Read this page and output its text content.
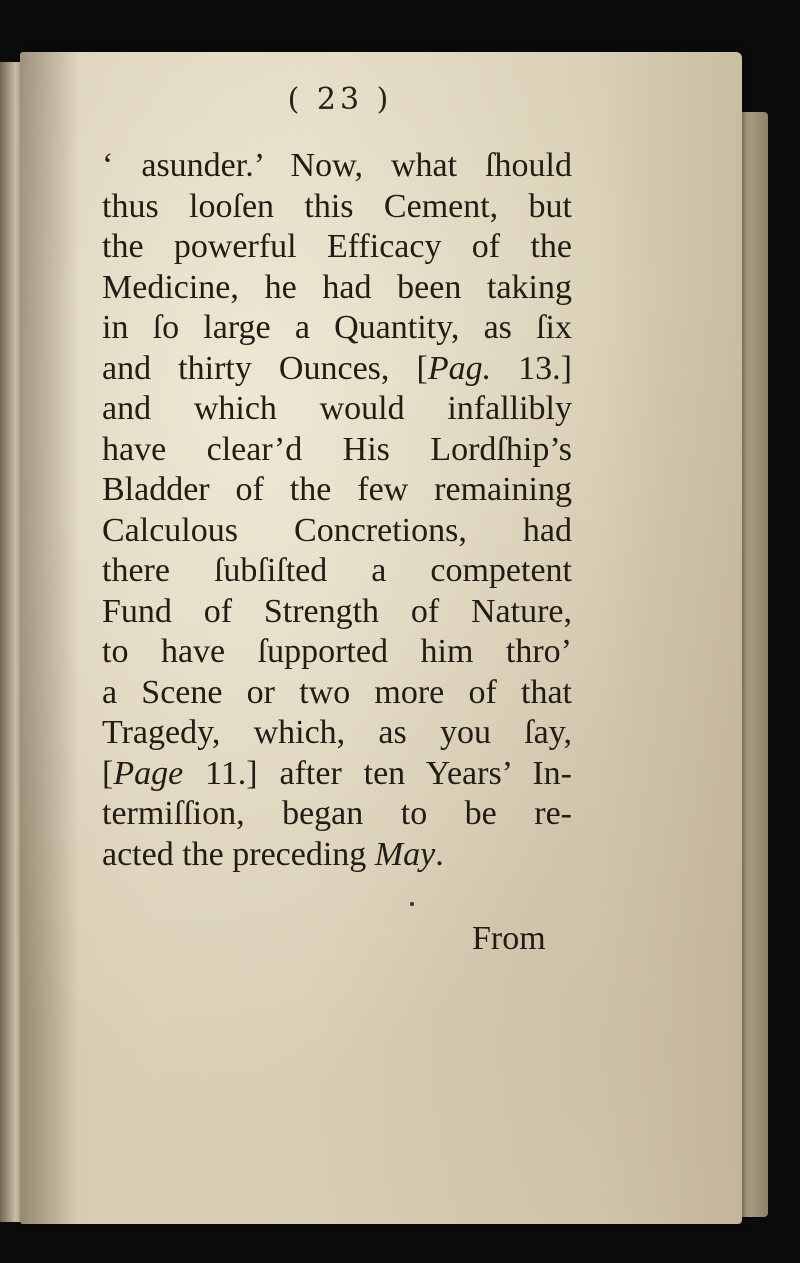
( 23 )
‘ asunder.’ Now, what ſhould
thus looſen this Cement, but
the powerful Efficacy of the
Medicine, he had been taking
in ſo large a Quantity, as ſix
and thirty Ounces, [Pag. 13.]
and which would infallibly
have clear’d His Lordſhip’s
Bladder of the few remaining
Calculous Concretions, had
there ſubſiſted a competent
Fund of Strength of Nature,
to have ſupported him thro’
a Scene or two more of that
Tragedy, which, as you ſay,
[Page 11.] after ten Years’ In-
termiſſion, began to be re-
acted the preceding May.
From
